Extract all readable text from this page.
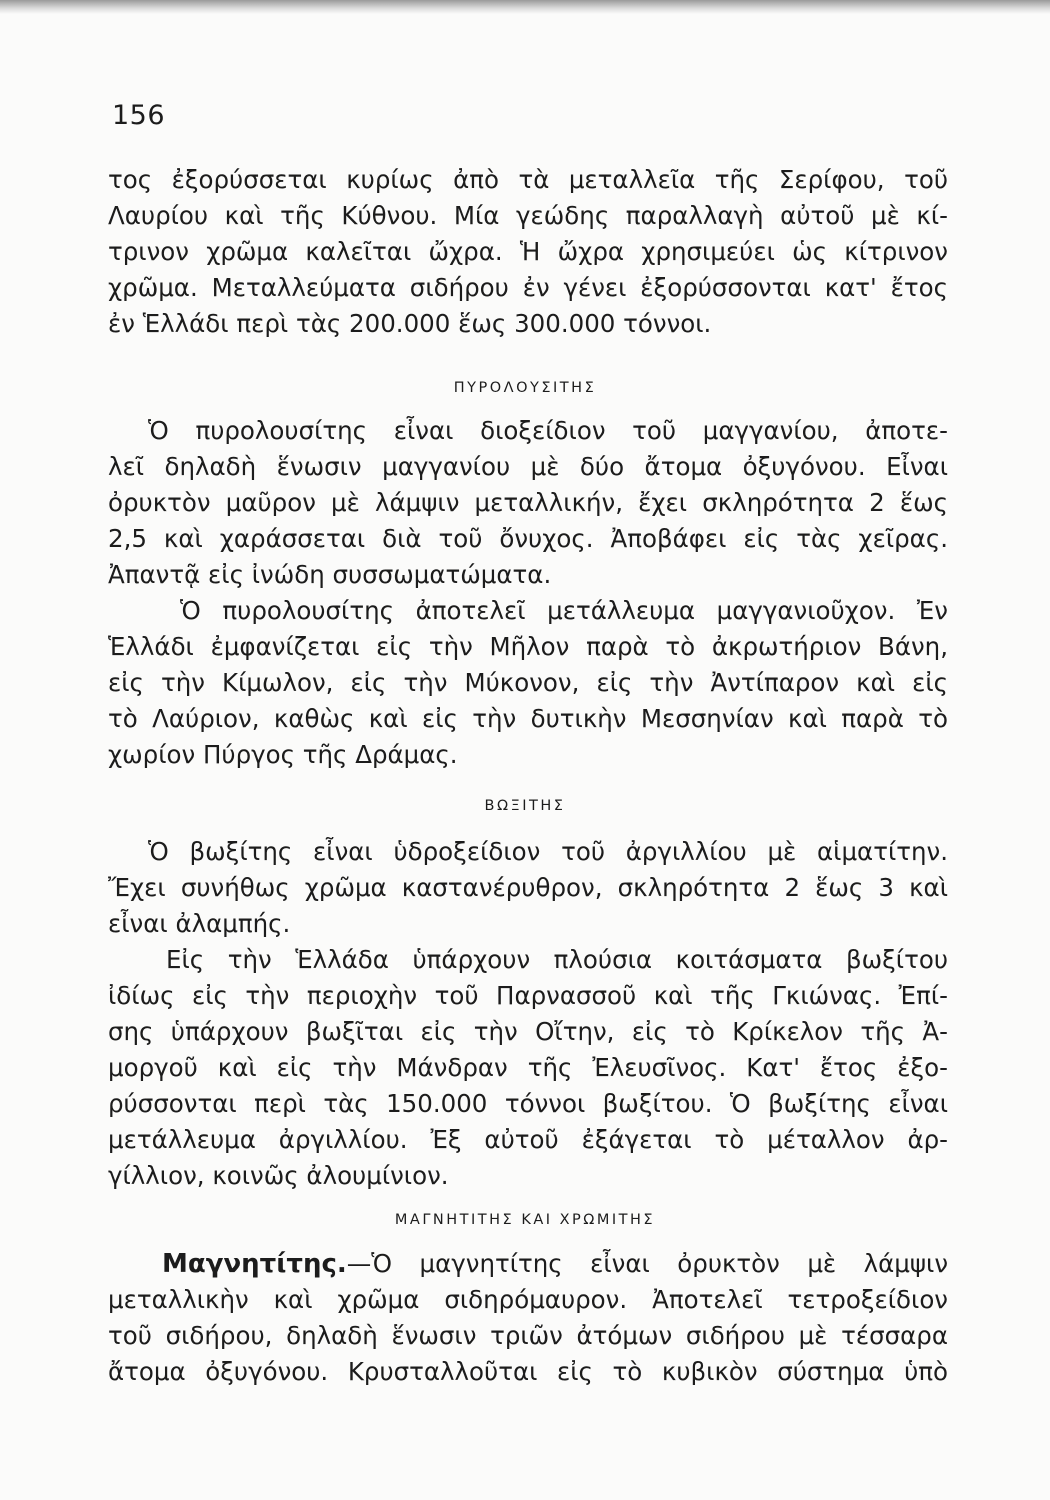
156
τος ἐξορύσσεται κυρίως ἀπὸ τὰ μεταλλεῖα τῆς Σερίφου, τοῦ
Λαυρίου καὶ τῆς Κύθνου. Μία γεώδης παραλλαγὴ αὐτοῦ μὲ κί-
τρινον χρῶμα καλεῖται ὤχρα. Ἡ ὤχρα χρησιμεύει ὡς κίτρινον
χρῶμα. Μεταλλεύματα σιδήρου ἐν γένει ἐξορύσσονται κατ' ἔτος
ἐν Ἑλλάδι περὶ τὰς 200.000 ἕως 300.000 τόννοι.
ΠΥΡΟΛΟΥΣΙΤΗΣ
Ὁ πυρολουσίτης εἶναι διοξείδιον τοῦ μαγγανίου, ἀποτε-
λεῖ δηλαδὴ ἕνωσιν μαγγανίου μὲ δύο ἄτομα ὀξυγόνου. Εἶναι
ὀρυκτὸν μαῦρον μὲ λάμψιν μεταλλικήν, ἔχει σκληρότητα 2 ἕως
2,5 καὶ χαράσσεται διὰ τοῦ ὄνυχος. Ἀποβάφει εἰς τὰς χεῖρας.
Ἀπαντᾷ εἰς ἰνώδη συσσωματώματα.
Ὁ πυρολουσίτης ἀποτελεῖ μετάλλευμα μαγγανιοῦχον. Ἐν
Ἑλλάδι ἐμφανίζεται εἰς τὴν Μῆλον παρὰ τὸ ἀκρωτήριον Βάνη,
εἰς τὴν Κίμωλον, εἰς τὴν Μύκονον, εἰς τὴν Ἀντίπαρον καὶ εἰς
τὸ Λαύριον, καθὼς καὶ εἰς τὴν δυτικὴν Μεσσηνίαν καὶ παρὰ τὸ
χωρίον Πύργος τῆς Δράμας.
ΒΩΞΙΤΗΣ
Ὁ βωξίτης εἶναι ὑδροξείδιον τοῦ ἀργιλλίου μὲ αἱματίτην.
Ἔχει συνήθως χρῶμα καστανέρυθρον, σκληρότητα 2 ἕως 3 καὶ
εἶναι ἀλαμπής.
Εἰς τὴν Ἑλλάδα ὑπάρχουν πλούσια κοιτάσματα βωξίτου
ἰδίως εἰς τὴν περιοχὴν τοῦ Παρνασσοῦ καὶ τῆς Γκιώνας. Ἐπί-
σης ὑπάρχουν βωξῖται εἰς τὴν Οἴτην, εἰς τὸ Κρίκελον τῆς Ἀ-
μοργοῦ καὶ εἰς τὴν Μάνδραν τῆς Ἐλευσῖνος. Κατ' ἔτος ἐξο-
ρύσσονται περὶ τὰς 150.000 τόννοι βωξίτου. Ὁ βωξίτης εἶναι
μετάλλευμα ἀργιλλίου. Ἐξ αὐτοῦ ἐξάγεται τὸ μέταλλον ἀρ-
γίλλιον, κοινῶς ἀλουμίνιον.
ΜΑΓΝΗΤΙΤΗΣ ΚΑΙ ΧΡΩΜΙΤΗΣ
Μαγνητίτης.—Ὁ μαγνητίτης εἶναι ὀρυκτὸν μὲ λάμψιν
μεταλλικὴν καὶ χρῶμα σιδηρόμαυρον. Ἀποτελεῖ τετροξείδιον
τοῦ σιδήρου, δηλαδὴ ἕνωσιν τριῶν ἀτόμων σιδήρου μὲ τέσσαρα
ἄτομα ὀξυγόνου. Κρυσταλλοῦται εἰς τὸ κυβικὸν σύστημα ὑπὸ
